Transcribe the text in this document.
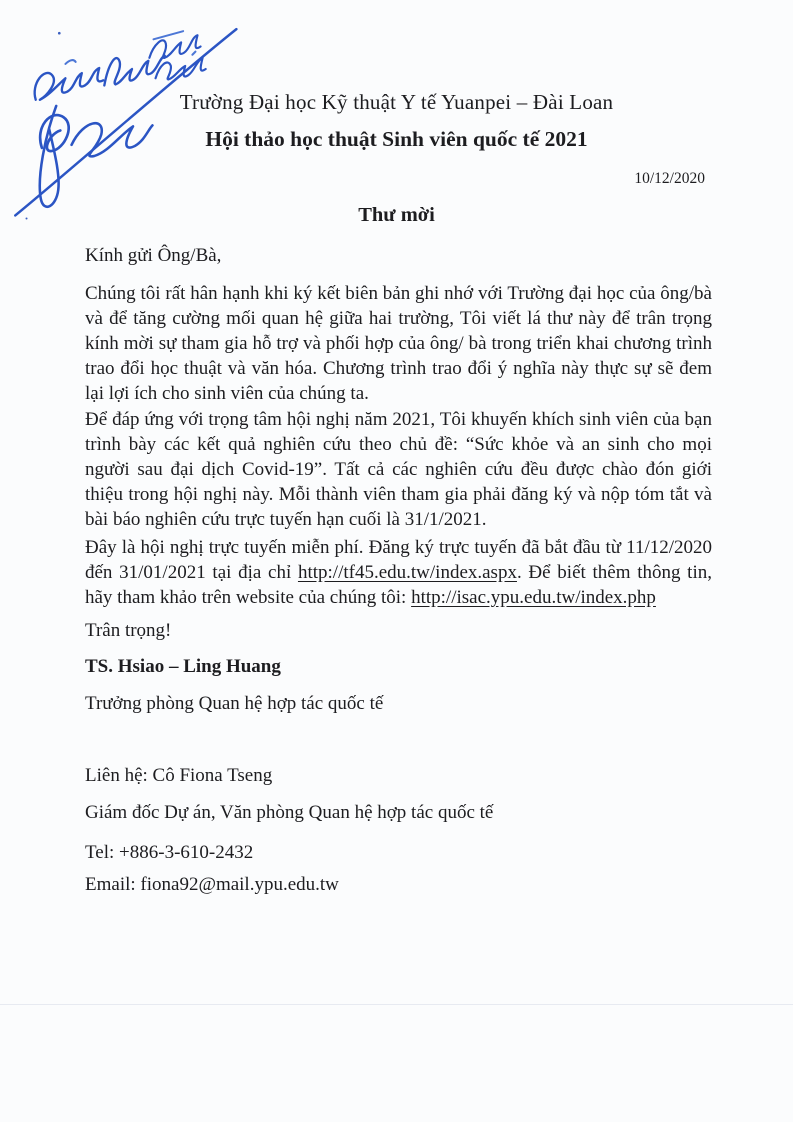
Trường Đại học Kỹ thuật Y tế Yuanpei – Đài Loan
Hội thảo học thuật Sinh viên quốc tế 2021
10/12/2020
Thư mời
Kính gửi Ông/Bà,
Chúng tôi rất hân hạnh khi ký kết biên bản ghi nhớ với Trường đại học của ông/bà và để tăng cường mối quan hệ giữa hai trường, Tôi viết lá thư này để trân trọng kính mời sự tham gia hỗ trợ và phối hợp của ông/ bà trong triển khai chương trình trao đổi học thuật và văn hóa. Chương trình trao đổi ý nghĩa này thực sự sẽ đem lại lợi ích cho sinh viên của chúng ta.
Để đáp ứng với trọng tâm hội nghị năm 2021, Tôi khuyến khích sinh viên của bạn trình bày các kết quả nghiên cứu theo chủ đề: “Sức khỏe và an sinh cho mọi người sau đại dịch Covid-19”. Tất cả các nghiên cứu đều được chào đón giới thiệu trong hội nghị này. Mỗi thành viên tham gia phải đăng ký và nộp tóm tắt và bài báo nghiên cứu trực tuyến hạn cuối là 31/1/2021.
Đây là hội nghị trực tuyến miễn phí. Đăng ký trực tuyến đã bắt đầu từ 11/12/2020 đến 31/01/2021 tại địa chỉ http://tf45.edu.tw/index.aspx. Để biết thêm thông tin, hãy tham khảo trên website của chúng tôi: http://isac.ypu.edu.tw/index.php
Trân trọng!
TS. Hsiao – Ling Huang
Trưởng phòng Quan hệ hợp tác quốc tế
Liên hệ: Cô Fiona Tseng
Giám đốc Dự án, Văn phòng Quan hệ hợp tác quốc tế
Tel: +886-3-610-2432
Email: fiona92@mail.ypu.edu.tw
